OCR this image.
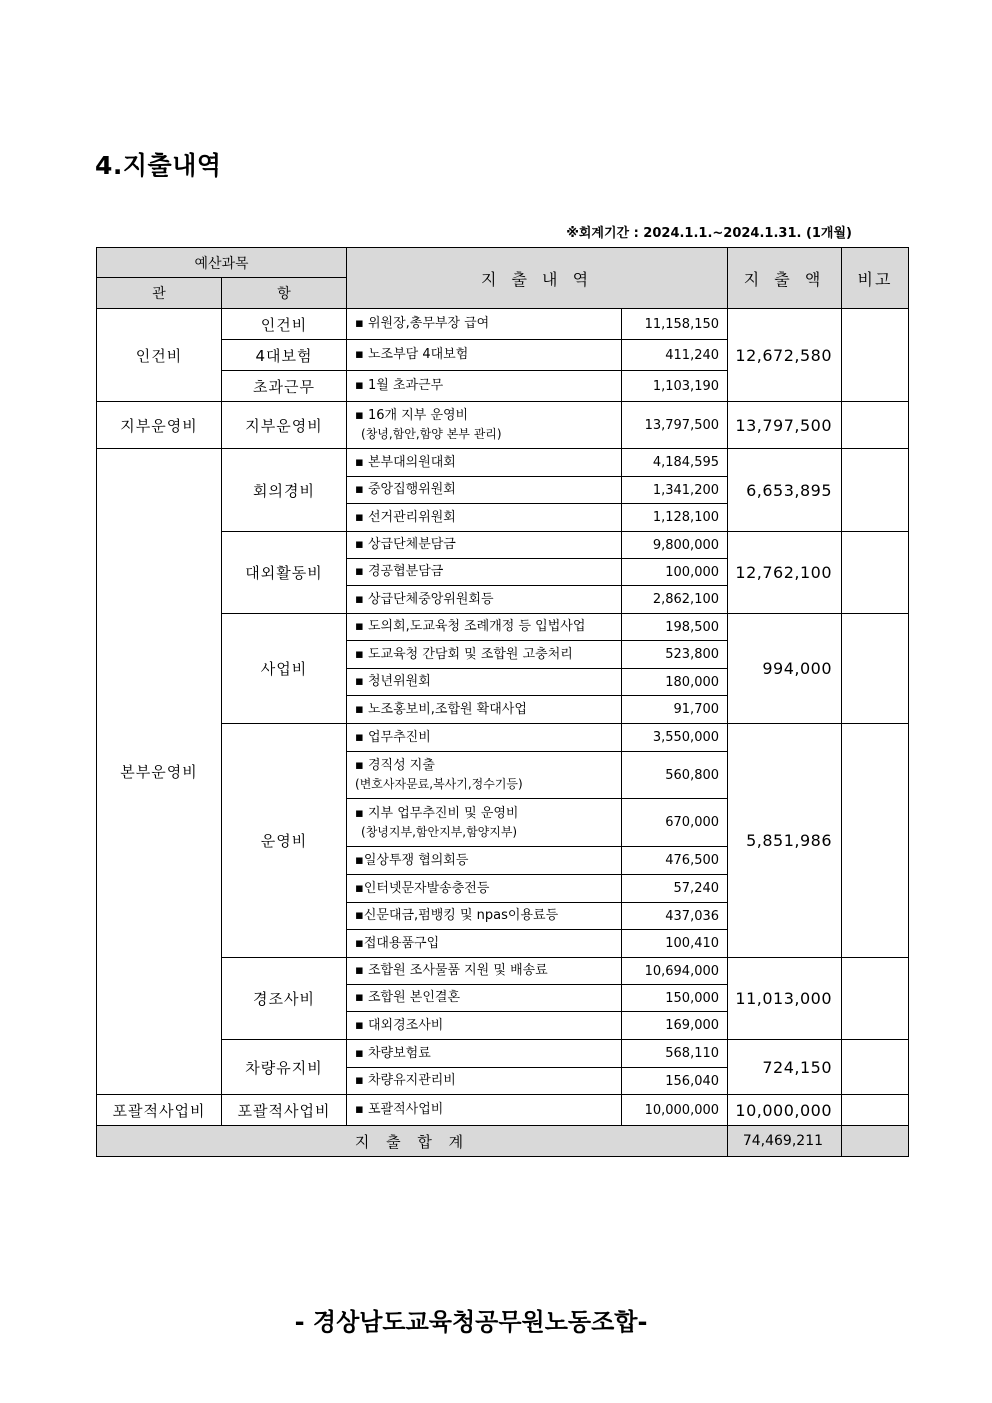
4.지출내역
※회계기간 : 2024.1.1.~2024.1.31. (1개월)
예산과목		지 출 내 역		지 출 액	비고
관	항				
인건비	인건비	▪ 위원장,총무부장 급여	11,158,150	12,672,580	
	4대보험	▪ 노조부담 4대보험	411,240		
	초과근무	▪ 1월 초과근무	1,103,190		
지부운영비	지부운영비	▪ 16개 지부 운영비
(창녕,함안,함양 본부 관리)	13,797,500	13,797,500	
본부운영비	회의경비	▪ 본부대의원대회	4,184,595	6,653,895	
		▪ 중앙집행위원회	1,341,200		
		▪ 선거관리위원회	1,128,100		
	대외활동비	▪ 상급단체분담금	9,800,000	12,762,100	
		▪ 경공협분담금	100,000		
		▪ 상급단체중앙위원회등	2,862,100		
	사업비	▪ 도의회,도교육청 조례개정 등 입법사업	198,500	994,000	
		▪ 도교육청 간담회 및 조합원 고충처리	523,800		
		▪ 청년위원회	180,000		
		▪ 노조홍보비,조합원 확대사업	91,700		
	운영비	▪ 업무추진비	3,550,000	5,851,986	
		▪ 경직성 지출
(변호사자문료,복사기,정수기등)	560,800		
		▪ 지부 업무추진비 및 운영비
(창녕지부,함안지부,함양지부)	670,000		
		▪일상투쟁 협의회등	476,500		
		▪인터넷문자발송충전등	57,240		
		▪신문대금,펌뱅킹 및 npas이용료등	437,036		
		▪접대용품구입	100,410		
	경조사비	▪ 조합원 조사물품 지원 및 배송료	10,694,000	11,013,000	
		▪ 조합원 본인결혼	150,000		
		▪ 대외경조사비	169,000		
	차량유지비	▪ 차량보험료	568,110	724,150	
		▪ 차량유지관리비	156,040		
포괄적사업비	포괄적사업비	▪ 포괄적사업비	10,000,000	10,000,000	
지 출 합 계				74,469,211	
- 경상남도교육청공무원노동조합-
